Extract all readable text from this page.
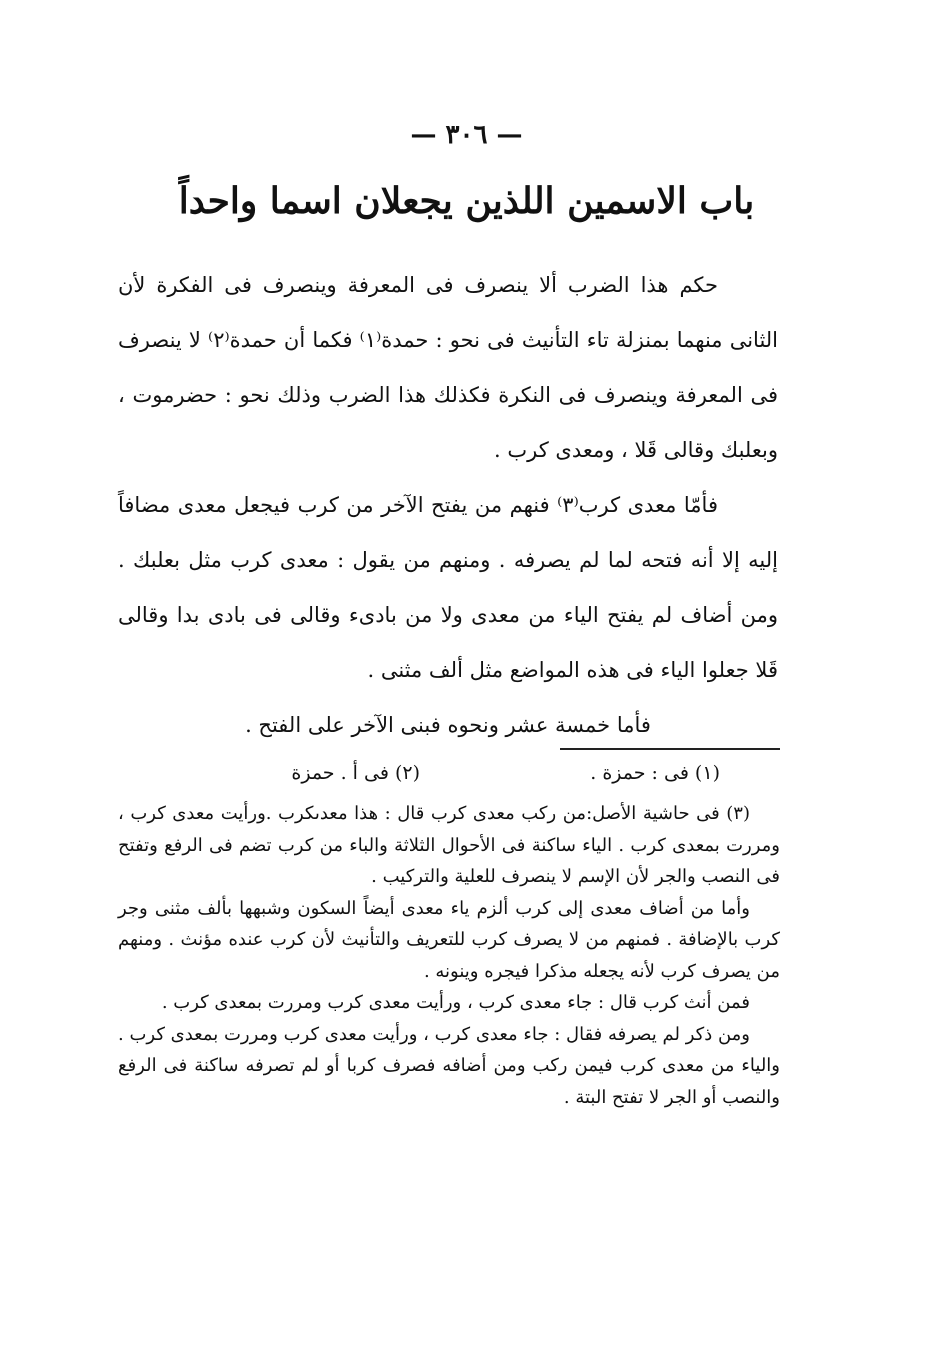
— ٣٠٦ —
باب الاسمين اللذين يجعلان اسما واحداً

حكم هذا الضرب ألا ينصرف فى المعرفة وينصرف فى الفكرة لأن الثانى منهما بمنزلة تاء التأنيث فى نحو : حمدة⁽١⁾ فكما أن حمدة⁽٢⁾ لا ينصرف فى المعرفة وينصرف فى النكرة فكذلك هذا الضرب وذلك نحو : حضرموت ، وبعلبك وقالى قَلا ، ومعدى كرب .

فأمّا معدى كرب⁽٣⁾ فنهم من يفتح الآخر من كرب فيجعل معدى مضافاً إليه إلا أنه فتحه لما لم يصرفه . ومنهم من يقول : معدى كرب مثل بعلبك . ومن أضاف لم يفتح الياء من معدى ولا من بادىء وقالى فى بادى بدا وقالى قَلا جعلوا الياء فى هذه المواضع مثل ألف مثنى .

فأما خمسة عشر ونحوه فبنى الآخر على الفتح .

(١) فى : حمزة .
(٢) فى أ . حمزة

(٣) فى حاشية الأصل:من ركب معدى كرب قال : هذا معدىكرب .ورأيت معدى كرب ، ومررت بمعدى كرب . الياء ساكنة فى الأحوال الثلاثة والباء من كرب تضم فى الرفع وتفتح فى النصب والجر لأن الإسم لا ينصرف للعلية والتركيب .

وأما من أضاف معدى إلى كرب ألزم ياء معدى أيضاً السكون وشبهها بألف مثنى وجر كرب بالإضافة . فمنهم من لا يصرف كرب للتعريف والتأنيث لأن كرب عنده مؤنث . ومنهم من يصرف كرب لأنه يجعله مذكرا فيجره وينونه .

فمن أنث كرب قال : جاء معدى كرب ، ورأيت معدى كرب ومررت بمعدى كرب .

ومن ذكر لم يصرفه فقال : جاء معدى كرب ، ورأيت معدى كرب ومررت بمعدى كرب . والياء من معدى كرب فيمن ركب ومن أضافه فصرف كربا أو لم تصرفه ساكنة فى الرفع والنصب أو الجر لا تفتح البتة .
